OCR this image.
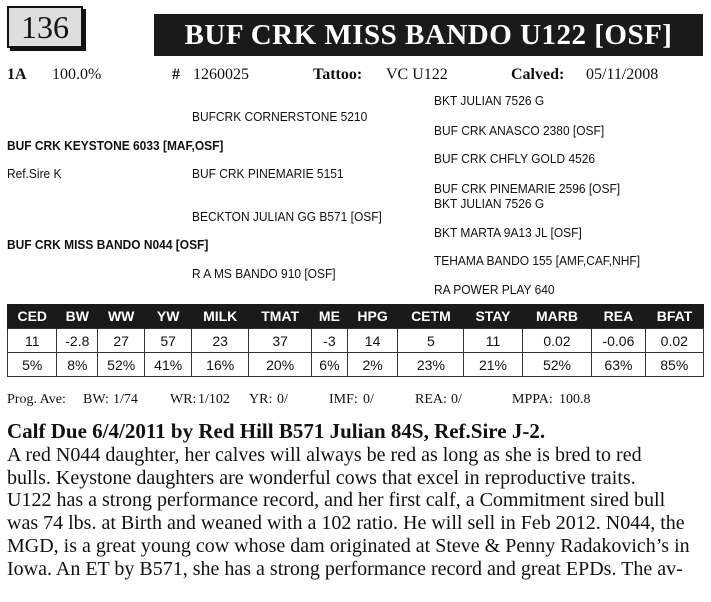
136	BUF CRK MISS BANDO U122 [OSF]
1A 100.0%	# 1260025	Tattoo: VC U122	Calved: 05/11/2008
BKT JULIAN 7526 G
BUFCRK CORNERSTONE 5210
BUF CRK ANASCO 2380 [OSF]
BUF CRK KEYSTONE 6033 [MAF,OSF]
BUF CRK CHFLY GOLD 4526
Ref.Sire K	BUF CRK PINEMARIE 5151
BUF CRK PINEMARIE 2596 [OSF]
BKT JULIAN 7526 G
BECKTON JULIAN GG B571 [OSF]
BKT MARTA 9A13 JL [OSF]
BUF CRK MISS BANDO N044 [OSF]
TEHAMA BANDO 155 [AMF,CAF,NHF]
R A MS BANDO 910 [OSF]
RA POWER PLAY 640
CED	BW	WW	YW	MILK	TMAT	ME	HPG	CETM	STAY	MARB	REA	BFAT
11	-2.8	27	57	23	37	-3	14	5	11	0.02	-0.06	0.02
5%	8%	52%	41%	16%	20%	6%	2%	23%	21%	52%	63%	85%
Prog. Ave: BW: 1/74 WR: 1/102 YR: 0/	IMF: 0/	REA: 0/	MPPA: 100.8
Calf Due 6/4/2011 by Red Hill B571 Julian 84S, Ref.Sire J-2.
A red N044 daughter, her calves will always be red as long as she is bred to red
bulls. Keystone daughters are wonderful cows that excel in reproductive traits.
U122 has a strong performance record, and her first calf, a Commitment sired bull
was 74 lbs. at Birth and weaned with a 102 ratio. He will sell in Feb 2012. N044, the
MGD, is a great young cow whose dam originated at Steve & Penny Radakovich’s in
Iowa. An ET by B571, she has a strong performance record and great EPDs. The av-
